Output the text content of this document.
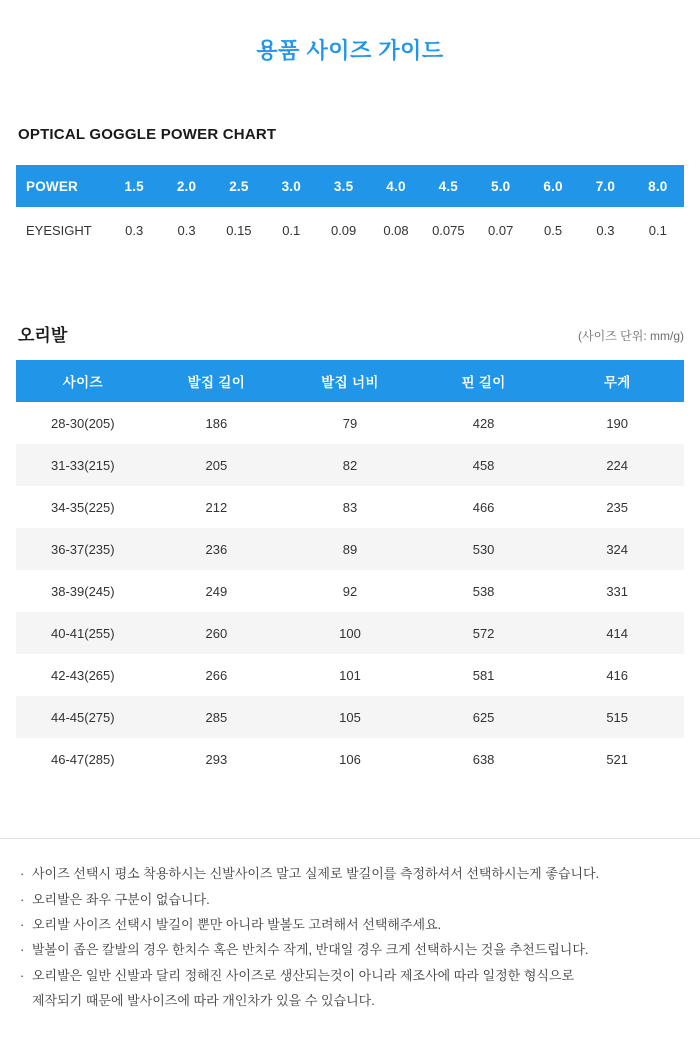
용품 사이즈 가이드
OPTICAL GOGGLE POWER CHART
POWER	1.5	2.0	2.5	3.0	3.5	4.0	4.5	5.0	6.0	7.0	8.0
EYESIGHT	0.3	0.3	0.15	0.1	0.09	0.08	0.075	0.07	0.5	0.3	0.1
오리발	(사이즈 단위: mm/g)
사이즈	발집 길이	발집 너비	핀 길이	무게
28-30(205)	186	79	428	190
31-33(215)	205	82	458	224
34-35(225)	212	83	466	235
36-37(235)	236	89	530	324
38-39(245)	249	92	538	331
40-41(255)	260	100	572	414
42-43(265)	266	101	581	416
44-45(275)	285	105	625	515
46-47(285)	293	106	638	521
· 사이즈 선택시 평소 착용하시는 신발사이즈 말고 실제로 발길이를 측정하셔서 선택하시는게 좋습니다.
· 오리발은 좌우 구분이 없습니다.
· 오리발 사이즈 선택시 발길이 뿐만 아니라 발볼도 고려해서 선택해주세요.
· 발볼이 좁은 칼발의 경우 한치수 혹은 반치수 작게, 반대일 경우 크게 선택하시는 것을 추천드립니다.
· 오리발은 일반 신발과 달리 정해진 사이즈로 생산되는것이 아니라 제조사에 따라 일정한 형식으로
제작되기 때문에 발사이즈에 따라 개인차가 있을 수 있습니다.
